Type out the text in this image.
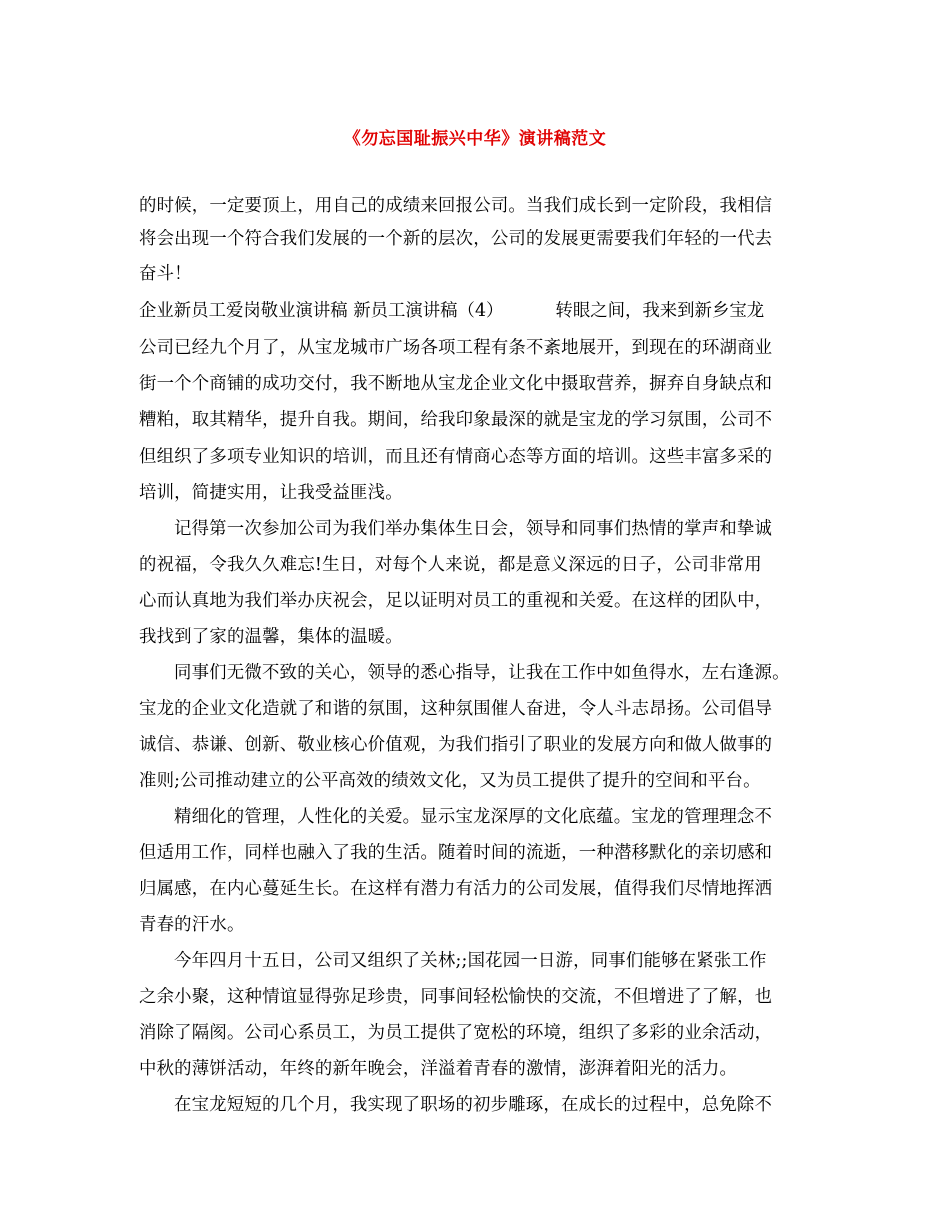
《勿忘国耻振兴中华》演讲稿范文
的时候，一定要顶上，用自己的成绩来回报公司。当我们成长到一定阶段，我相信
将会出现一个符合我们发展的一个新的层次，公司的发展更需要我们年轻的一代去
奋斗！
企业新员工爱岗敬业演讲稿 新员工演讲稿（4）	转眼之间，我来到新乡宝龙
公司已经九个月了，从宝龙城市广场各项工程有条不紊地展开，到现在的环湖商业
街一个个商铺的成功交付，我不断地从宝龙企业文化中摄取营养，摒弃自身缺点和
糟粕，取其精华，提升自我。期间，给我印象最深的就是宝龙的学习氛围，公司不
但组织了多项专业知识的培训，而且还有情商心态等方面的培训。这些丰富多采的
培训，简捷实用，让我受益匪浅。
记得第一次参加公司为我们举办集体生日会，领导和同事们热情的掌声和挚诚
的祝福，令我久久难忘!生日，对每个人来说，都是意义深远的日子，公司非常用
心而认真地为我们举办庆祝会，足以证明对员工的重视和关爱。在这样的团队中，
我找到了家的温馨，集体的温暖。
同事们无微不致的关心，领导的悉心指导，让我在工作中如鱼得水，左右逢源。
宝龙的企业文化造就了和谐的氛围，这种氛围催人奋进，令人斗志昂扬。公司倡导
诚信、恭谦、创新、敬业核心价值观，为我们指引了职业的发展方向和做人做事的
准则;公司推动建立的公平高效的绩效文化，又为员工提供了提升的空间和平台。
精细化的管理，人性化的关爱。显示宝龙深厚的文化底蕴。宝龙的管理理念不
但适用工作，同样也融入了我的生活。随着时间的流逝，一种潜移默化的亲切感和
归属感，在内心蔓延生长。在这样有潜力有活力的公司发展，值得我们尽情地挥洒
青春的汗水。
今年四月十五日，公司又组织了关林;;国花园一日游，同事们能够在紧张工作
之余小聚，这种情谊显得弥足珍贵，同事间轻松愉快的交流，不但增进了了解，也
消除了隔阂。公司心系员工，为员工提供了宽松的环境，组织了多彩的业余活动，
中秋的薄饼活动，年终的新年晚会，洋溢着青春的激情，澎湃着阳光的活力。
在宝龙短短的几个月，我实现了职场的初步雕琢，在成长的过程中，总免除不
